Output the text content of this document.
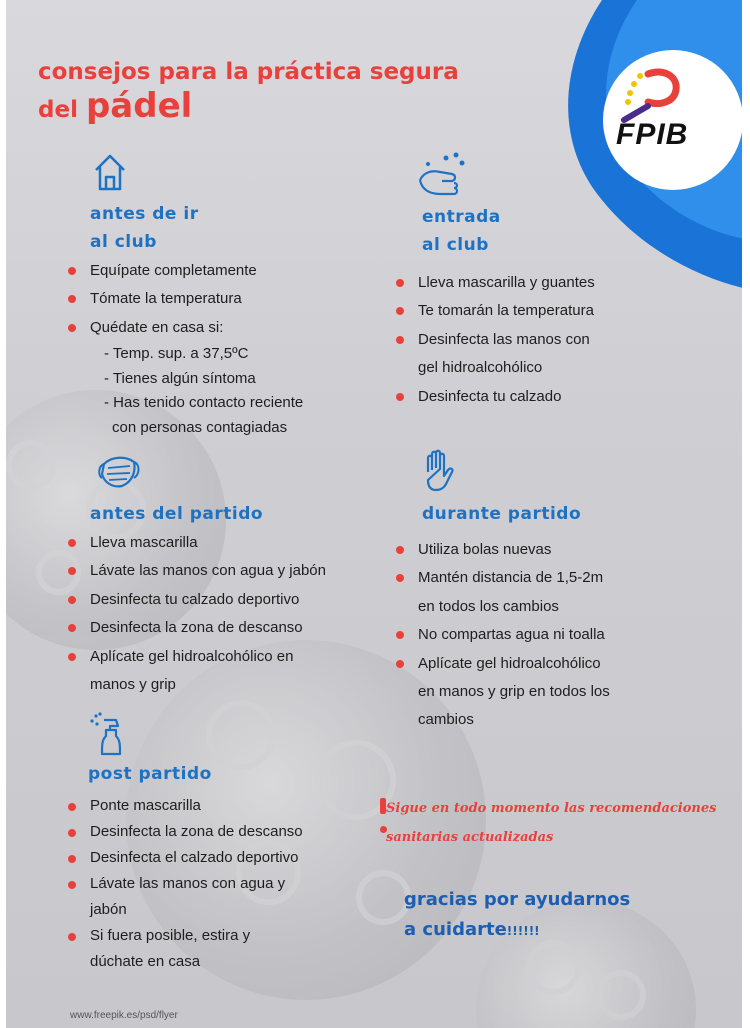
FPIB
consejos para la práctica segura
del pádel
antes de ir
al club
Equípate completamente
Tómate la temperatura
Quédate en casa si:
- Temp. sup. a 37,5ºC
- Tienes algún síntoma
- Has tenido contacto reciente
con personas contagiadas
entrada
al club
Lleva mascarilla y guantes
Te tomarán la temperatura
Desinfecta las manos con
gel hidroalcohólico
Desinfecta tu calzado
antes del partido
Lleva mascarilla
Lávate las manos con agua y jabón
Desinfecta tu calzado deportivo
Desinfecta la zona de descanso
Aplícate gel hidroalcohólico en
manos y grip
durante partido
Utiliza bolas nuevas
Mantén distancia de 1,5-2m
en todos los cambios
No compartas agua ni toalla
Aplícate gel hidroalcohólico
en manos y grip en todos los
cambios
post partido
Ponte mascarilla
Desinfecta la zona de descanso
Desinfecta el calzado deportivo
Lávate las manos con agua y
jabón
Si fuera posible, estira y
dúchate en casa
Sigue en todo momento las recomendaciones
sanitarias actualizadas
gracias por ayudarnos
a cuidarte!!!!!!
www.freepik.es/psd/flyer
